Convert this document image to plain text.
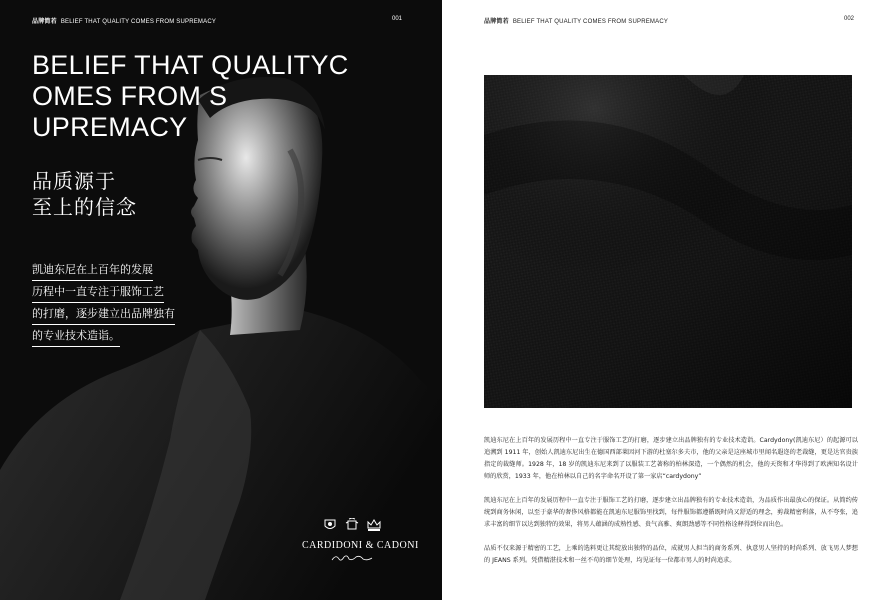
品牌简若 BELIEF THAT QUALITY COMES FROM SUPREMACY	001
BELIEF THAT QUALITYC
OMES FROM S
UPREMACY
品质源于
至上的信念
凯迪东尼在上百年的发展 历程中一直专注于服饰工艺 的打磨，逐步建立出品牌独有 的专业技术造诣。
CARDIDONI & CADONI
品牌简若 BELIEF THAT QUALITY COMES FROM SUPREMACY	002
凯迪东尼在上百年的发展历程中一直专注于服饰工艺的打磨，逐步建立出品牌独有的专业技术造诣。Cardydony(凯迪东尼）的起源可以追溯到 1911 年，创始人凯迪东尼出生在德国西部莱因河下游的杜塞尔多夫市，他的父亲是这座城市里闻名遐迩的老裁缝，更是达官贵族指定的裁缝师。1928 年，18 岁的凯迪东尼来到了以服装工艺著称的柏林深造，一个偶然的机会，他的天资和才华得到了欧洲知名设计师的欣赏，1933 年，他在柏林以自己的名字命名开设了第一家店“cardydony”
凯迪东尼在上百年的发展历程中一直专注于服饰工艺的打磨，逐步建立出品牌独有的专业技术造诣，为品质作出最放心的保证。从简约传统到商务休闲，以至于豪华的奢侈风格都能在凯迪东尼服饰里找到，每件服饰都遵循既时尚又舒适的理念，剪裁精密利落，从不夸张，追求丰富的细节以达到独特的效果，将男人蕴涵的成熟性感、贵气高雅、爽朗劲感等不同性格诠释得到位而出色。
品质不仅来源于精密的工艺，上乘的选料更让其绽放出独特的品位，成就男人担当的商务系列、执意男人坚持的时尚系列、放飞男人梦想的 JEANS 系列。凭借精湛技术和一丝不苟的细节处理，均见证每一位都市男人的时尚追求。
